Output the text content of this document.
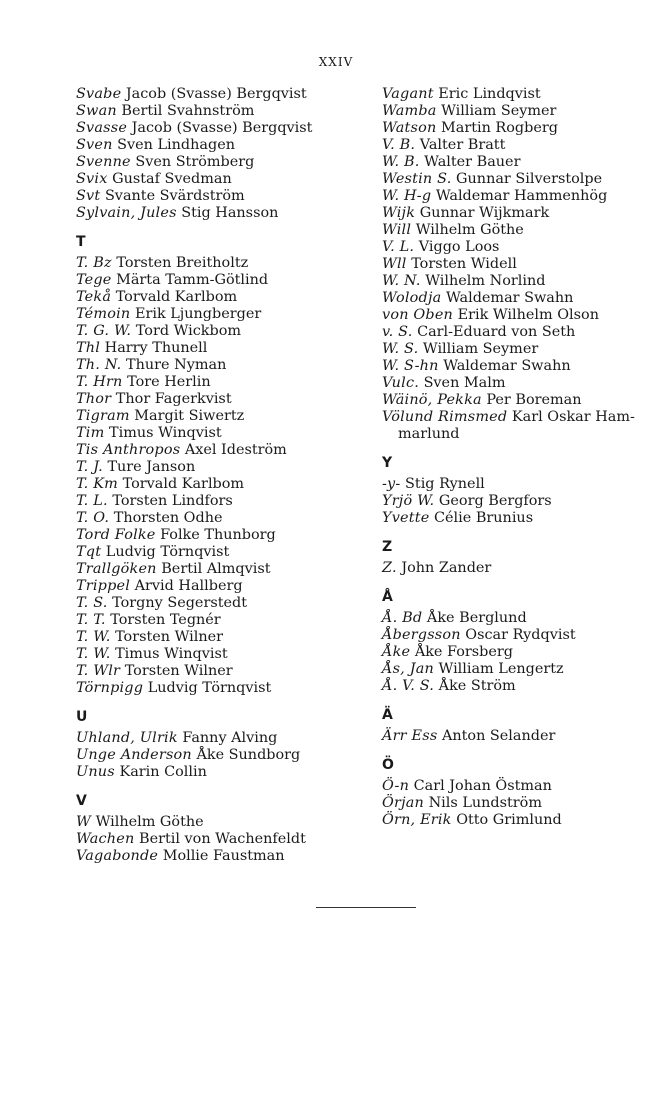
XXIV
Svabe Jacob (Svasse) Bergqvist
Swan Bertil Svahnström
Svasse Jacob (Svasse) Bergqvist
Sven Sven Lindhagen
Svenne Sven Strömberg
Svix Gustaf Svedman
Svt Svante Svärdström
Sylvain, Jules Stig Hansson
T
T. Bz Torsten Breitholtz
Tege Märta Tamm-Götlind
Tekå Torvald Karlbom
Témoin Erik Ljungberger
T. G. W. Tord Wickbom
Thl Harry Thunell
Th. N. Thure Nyman
T. Hrn Tore Herlin
Thor Thor Fagerkvist
Tigram Margit Siwertz
Tim Timus Winqvist
Tis Anthropos Axel Ideström
T. J. Ture Janson
T. Km Torvald Karlbom
T. L. Torsten Lindfors
T. O. Thorsten Odhe
Tord Folke Folke Thunborg
Tqt Ludvig Törnqvist
Trallgöken Bertil Almqvist
Trippel Arvid Hallberg
T. S. Torgny Segerstedt
T. T. Torsten Tegnér
T. W. Torsten Wilner
T. W. Timus Winqvist
T. Wlr Torsten Wilner
Törnpigg Ludvig Törnqvist
U
Uhland, Ulrik Fanny Alving
Unge Anderson Åke Sundborg
Unus Karin Collin
V
W Wilhelm Göthe
Wachen Bertil von Wachenfeldt
Vagabonde Mollie Faustman
Vagant Eric Lindqvist
Wamba William Seymer
Watson Martin Rogberg
V. B. Valter Bratt
W. B. Walter Bauer
Westin S. Gunnar Silverstolpe
W. H-g Waldemar Hammenhög
Wijk Gunnar Wijkmark
Will Wilhelm Göthe
V. L. Viggo Loos
Wll Torsten Widell
W. N. Wilhelm Norlind
Wolodja Waldemar Swahn
von Oben Erik Wilhelm Olson
v. S. Carl-Eduard von Seth
W. S. William Seymer
W. S-hn Waldemar Swahn
Vulc. Sven Malm
Wäinö, Pekka Per Boreman
Völund Rimsmed Karl Oskar Ham-marlund
Y
-y- Stig Rynell
Yrjö W. Georg Bergfors
Yvette Célie Brunius
Z
Z. John Zander
Å
Å. Bd Åke Berglund
Åbergsson Oscar Rydqvist
Åke Åke Forsberg
Ås, Jan William Lengertz
Å. V. S. Åke Ström
Ä
Ärr Ess Anton Selander
Ö
Ö-n Carl Johan Östman
Örjan Nils Lundström
Örn, Erik Otto Grimlund
